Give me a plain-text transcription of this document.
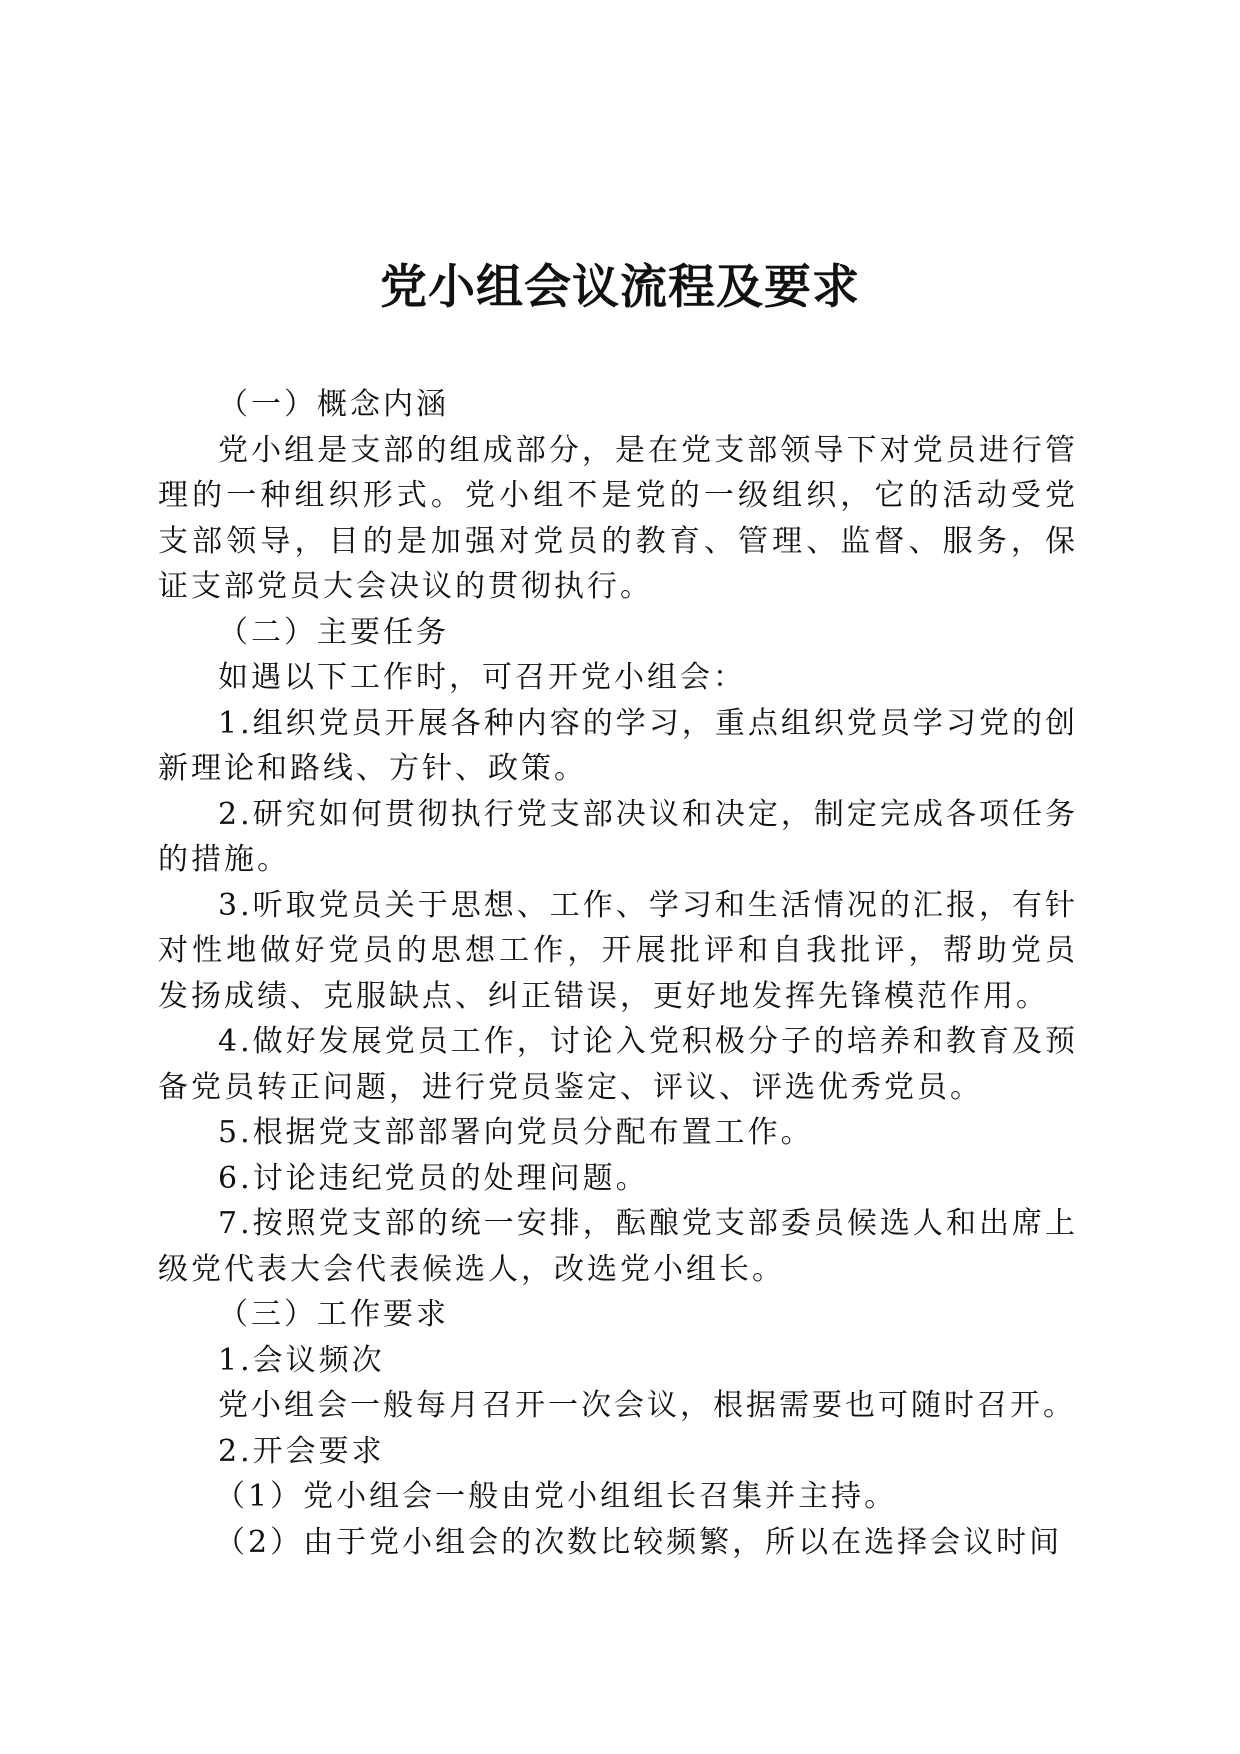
党小组会议流程及要求

（一）概念内涵

党小组是支部的组成部分，是在党支部领导下对党员进行管理的一种组织形式。党小组不是党的一级组织，它的活动受党支部领导，目的是加强对党员的教育、管理、监督、服务，保证支部党员大会决议的贯彻执行。

（二）主要任务

如遇以下工作时，可召开党小组会：

1.组织党员开展各种内容的学习，重点组织党员学习党的创新理论和路线、方针、政策。

2.研究如何贯彻执行党支部决议和决定，制定完成各项任务的措施。

3.听取党员关于思想、工作、学习和生活情况的汇报，有针对性地做好党员的思想工作，开展批评和自我批评，帮助党员发扬成绩、克服缺点、纠正错误，更好地发挥先锋模范作用。

4.做好发展党员工作，讨论入党积极分子的培养和教育及预备党员转正问题，进行党员鉴定、评议、评选优秀党员。

5.根据党支部部署向党员分配布置工作。

6.讨论违纪党员的处理问题。

7.按照党支部的统一安排，酝酿党支部委员候选人和出席上级党代表大会代表候选人，改选党小组长。

（三）工作要求

1.会议频次

党小组会一般每月召开一次会议，根据需要也可随时召开。

2.开会要求

（1）党小组会一般由党小组组长召集并主持。

（2）由于党小组会的次数比较频繁，所以在选择会议时间
